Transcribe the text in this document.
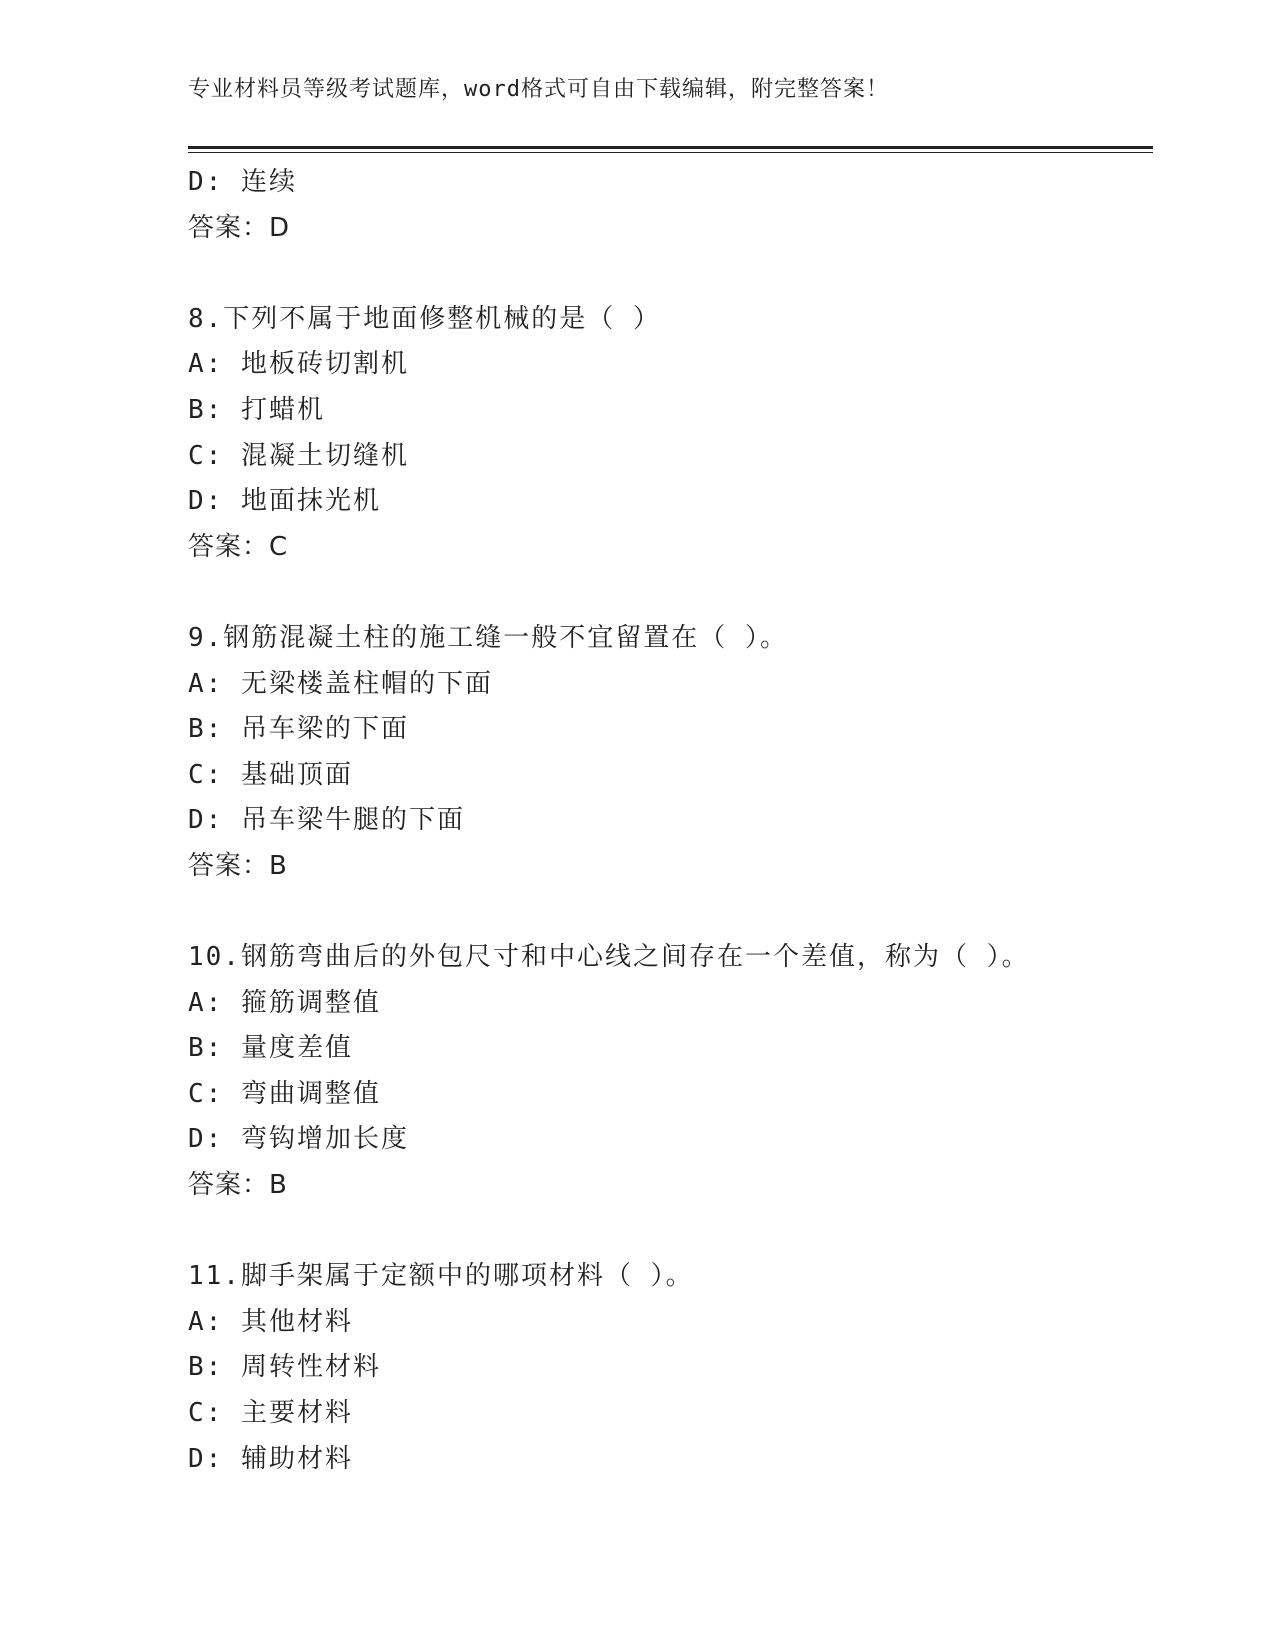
专业材料员等级考试题库，word格式可自由下载编辑，附完整答案！
D: 连续
答案：D
8.下列不属于地面修整机械的是（ ）
A: 地板砖切割机
B: 打蜡机
C: 混凝土切缝机
D: 地面抹光机
答案：C
9.钢筋混凝土柱的施工缝一般不宜留置在（ ）。
A: 无梁楼盖柱帽的下面
B: 吊车梁的下面
C: 基础顶面
D: 吊车梁牛腿的下面
答案：B
10.钢筋弯曲后的外包尺寸和中心线之间存在一个差值，称为（ ）。
A: 箍筋调整值
B: 量度差值
C: 弯曲调整值
D: 弯钩增加长度
答案：B
11.脚手架属于定额中的哪项材料（ ）。
A: 其他材料
B: 周转性材料
C: 主要材料
D: 辅助材料
